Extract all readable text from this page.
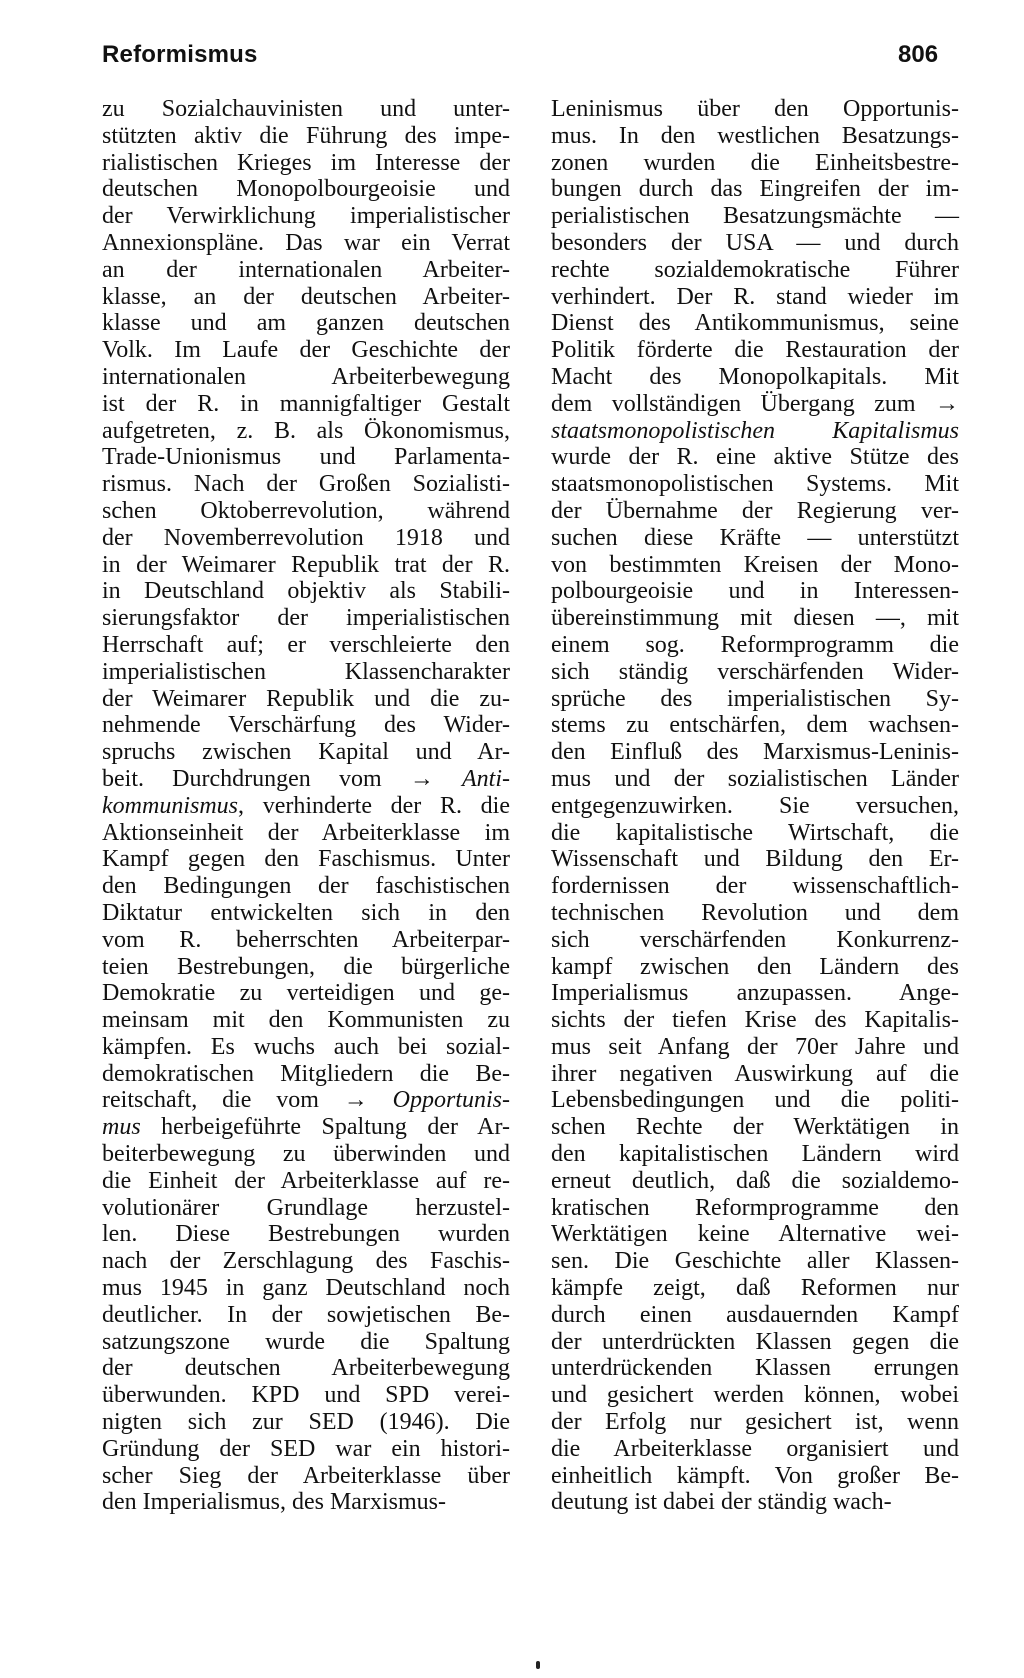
Reformismus	806
zu Sozialchauvinisten und unter-
stützten aktiv die Führung des impe-
rialistischen Krieges im Interesse der
deutschen Monopolbourgeoisie und
der Verwirklichung imperialistischer
Annexionspläne. Das war ein Verrat
an der internationalen Arbeiter-
klasse, an der deutschen Arbeiter-
klasse und am ganzen deutschen
Volk. Im Laufe der Geschichte der
internationalen Arbeiterbewegung
ist der R. in mannigfaltiger Gestalt
aufgetreten, z. B. als Ökonomismus,
Trade-Unionismus und Parlamenta-
rismus. Nach der Großen Sozialisti-
schen Oktoberrevolution, während
der Novemberrevolution 1918 und
in der Weimarer Republik trat der R.
in Deutschland objektiv als Stabili-
sierungsfaktor der imperialistischen
Herrschaft auf; er verschleierte den
imperialistischen Klassencharakter
der Weimarer Republik und die zu-
nehmende Verschärfung des Wider-
spruchs zwischen Kapital und Ar-
beit. Durchdrungen vom → Anti-
kommunismus, verhinderte der R. die
Aktionseinheit der Arbeiterklasse im
Kampf gegen den Faschismus. Unter
den Bedingungen der faschistischen
Diktatur entwickelten sich in den
vom R. beherrschten Arbeiterpar-
teien Bestrebungen, die bürgerliche
Demokratie zu verteidigen und ge-
meinsam mit den Kommunisten zu
kämpfen. Es wuchs auch bei sozial-
demokratischen Mitgliedern die Be-
reitschaft, die vom → Opportunis-
mus herbeigeführte Spaltung der Ar-
beiterbewegung zu überwinden und
die Einheit der Arbeiterklasse auf re-
volutionärer Grundlage herzustel-
len. Diese Bestrebungen wurden
nach der Zerschlagung des Faschis-
mus 1945 in ganz Deutschland noch
deutlicher. In der sowjetischen Be-
satzungszone wurde die Spaltung
der deutschen Arbeiterbewegung
überwunden. KPD und SPD verei-
nigten sich zur SED (1946). Die
Gründung der SED war ein histori-
scher Sieg der Arbeiterklasse über
den Imperialismus, des Marxismus-
Leninismus über den Opportunis-
mus. In den westlichen Besatzungs-
zonen wurden die Einheitsbestre-
bungen durch das Eingreifen der im-
perialistischen Besatzungsmächte —
besonders der USA — und durch
rechte sozialdemokratische Führer
verhindert. Der R. stand wieder im
Dienst des Antikommunismus, seine
Politik förderte die Restauration der
Macht des Monopolkapitals. Mit
dem vollständigen Übergang zum →
staatsmonopolistischen Kapitalismus
wurde der R. eine aktive Stütze des
staatsmonopolistischen Systems. Mit
der Übernahme der Regierung ver-
suchen diese Kräfte — unterstützt
von bestimmten Kreisen der Mono-
polbourgeoisie und in Interessen-
übereinstimmung mit diesen —, mit
einem sog. Reformprogramm die
sich ständig verschärfenden Wider-
sprüche des imperialistischen Sy-
stems zu entschärfen, dem wachsen-
den Einfluß des Marxismus-Leninis-
mus und der sozialistischen Länder
entgegenzuwirken. Sie versuchen,
die kapitalistische Wirtschaft, die
Wissenschaft und Bildung den Er-
fordernissen der wissenschaftlich-
technischen Revolution und dem
sich verschärfenden Konkurrenz-
kampf zwischen den Ländern des
Imperialismus anzupassen. Ange-
sichts der tiefen Krise des Kapitalis-
mus seit Anfang der 70er Jahre und
ihrer negativen Auswirkung auf die
Lebensbedingungen und die politi-
schen Rechte der Werktätigen in
den kapitalistischen Ländern wird
erneut deutlich, daß die sozialdemo-
kratischen Reformprogramme den
Werktätigen keine Alternative wei-
sen. Die Geschichte aller Klassen-
kämpfe zeigt, daß Reformen nur
durch einen ausdauernden Kampf
der unterdrückten Klassen gegen die
unterdrückenden Klassen errungen
und gesichert werden können, wobei
der Erfolg nur gesichert ist, wenn
die Arbeiterklasse organisiert und
einheitlich kämpft. Von großer Be-
deutung ist dabei der ständig wach-
